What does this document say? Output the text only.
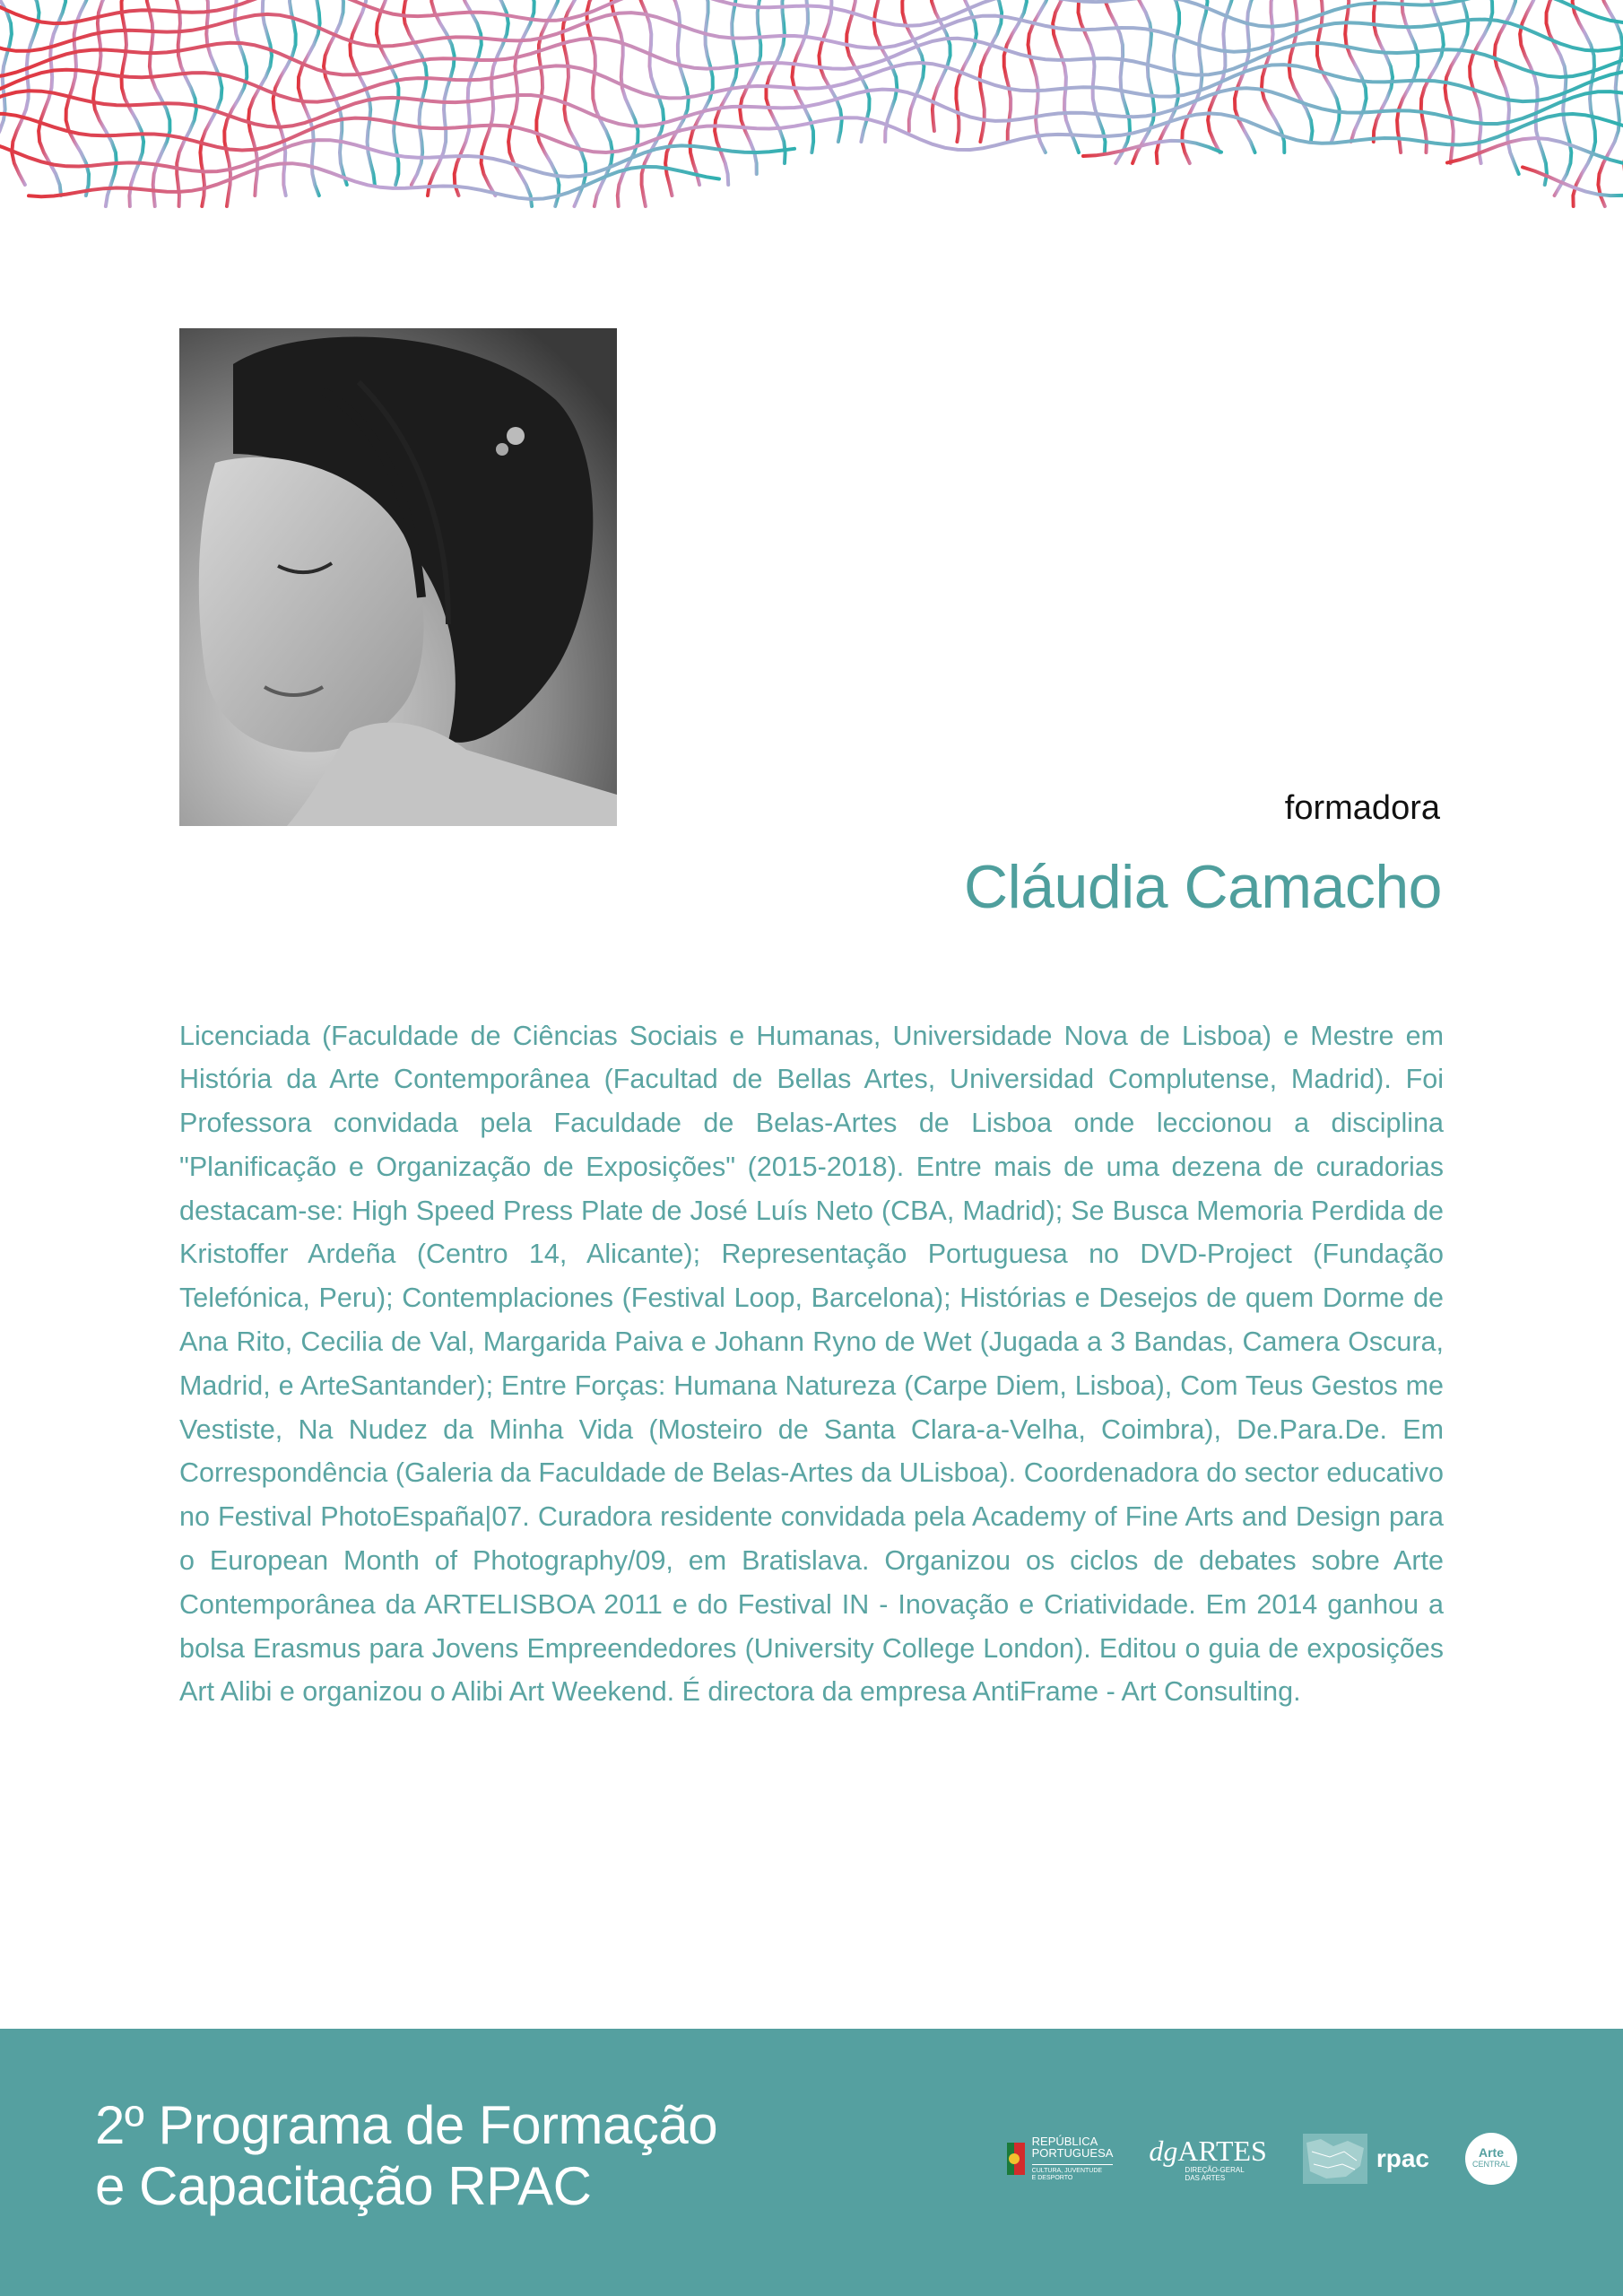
formadora
Cláudia Camacho

Licenciada (Faculdade de Ciências Sociais e Humanas, Universidade Nova de Lisboa) e Mestre em História da Arte Contemporânea (Facultad de Bellas Artes, Universidad Complutense, Madrid). Foi Professora convidada pela Faculdade de Belas-Artes de Lisboa onde leccionou a disciplina "Planificação e Organização de Exposições" (2015-2018). Entre mais de uma dezena de curadorias destacam-se: High Speed Press Plate de José Luís Neto (CBA, Madrid); Se Busca Memoria Perdida de Kristoffer Ardeña (Centro 14, Alicante); Representação Portuguesa no DVD-Project (Fundação Telefónica, Peru); Contemplaciones (Festival Loop, Barcelona); Histórias e Desejos de quem Dorme de Ana Rito, Cecilia de Val, Margarida Paiva e Johann Ryno de Wet (Jugada a 3 Bandas, Camera Oscura, Madrid, e ArteSantander); Entre Forças: Humana Natureza (Carpe Diem, Lisboa), Com Teus Gestos me Vestiste, Na Nudez da Minha Vida (Mosteiro de Santa Clara-a-Velha, Coimbra), De.Para.De. Em Correspondência (Galeria da Faculdade de Belas-Artes da ULisboa). Coordenadora do sector educativo no Festival PhotoEspaña|07. Curadora residente convidada pela Academy of Fine Arts and Design para o European Month of Photography/09, em Bratislava. Organizou os ciclos de debates sobre Arte Contemporânea da ARTELISBOA 2011 e do Festival IN - Inovação e Criatividade. Em 2014 ganhou a bolsa Erasmus para Jovens Empreendedores (University College London). Editou o guia de exposições Art Alibi e organizou o Alibi Art Weekend. É directora da empresa AntiFrame - Art Consulting.

2º Programa de Formação
e Capacitação RPAC
REPÚBLICA
PORTUGUESA
CULTURA, JUVENTUDE
E DESPORTO
dgARTES
DIREÇÃO-GERAL
DAS ARTES
rpac	Arte
CENTRAL
